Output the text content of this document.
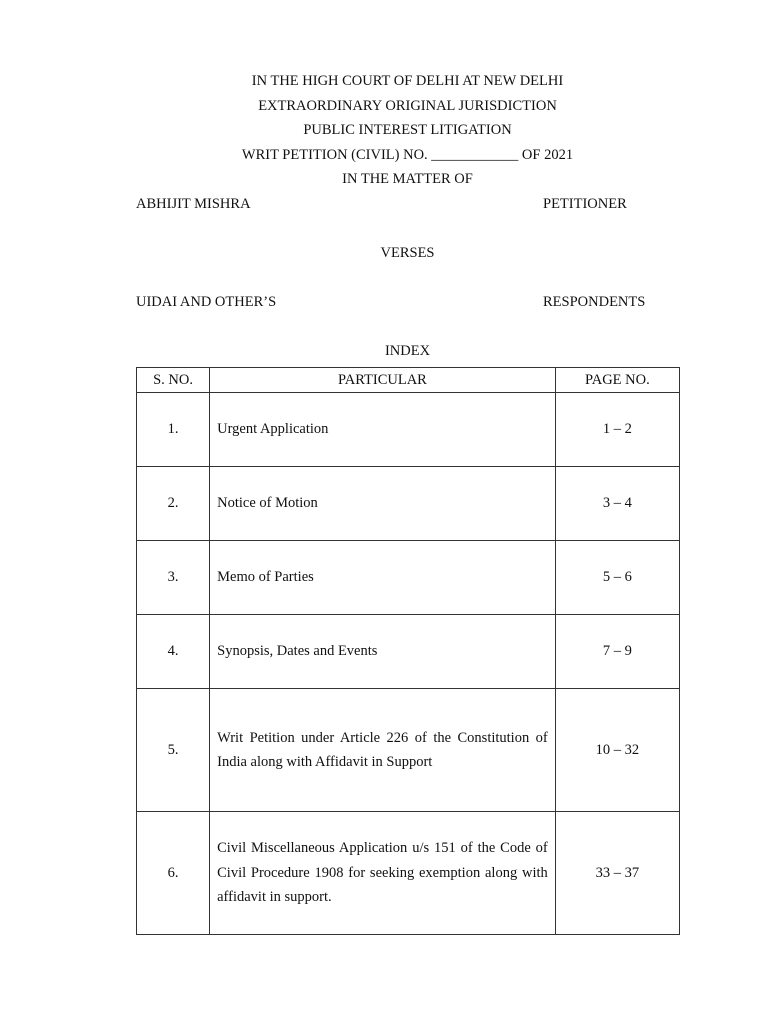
IN THE HIGH COURT OF DELHI AT NEW DELHI
EXTRAORDINARY ORIGINAL JURISDICTION
PUBLIC INTEREST LITIGATION
WRIT PETITION (CIVIL) NO. ____________ OF 2021
IN THE MATTER OF
ABHIJIT MISHRA	PETITIONER
VERSES
UIDAI AND OTHER’S	RESPONDENTS
INDEX
S. NO.	PARTICULAR	PAGE NO.
1.	Urgent Application	1 – 2
2.	Notice of Motion	3 – 4
3.	Memo of Parties	5 – 6
4.	Synopsis, Dates and Events	7 – 9
5.	Writ Petition under Article 226 of the Constitution of India along with Affidavit in Support	10 – 32
6.	Civil Miscellaneous Application u/s 151 of the Code of Civil Procedure 1908 for seeking exemption along with affidavit in support.	33 – 37
